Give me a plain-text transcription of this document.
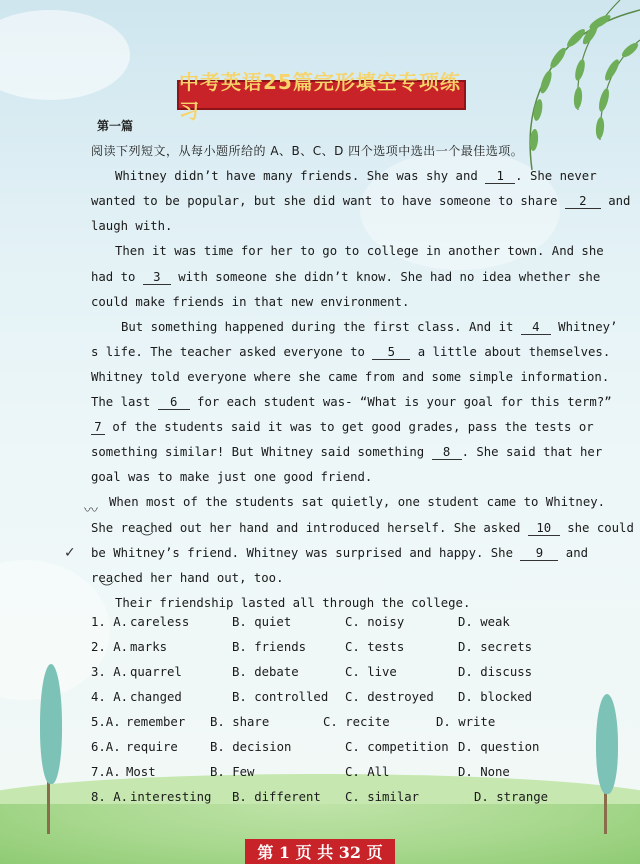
〰
︶
✓
︶
中考英语25篇完形填空专项练习
第一篇
阅读下列短文，从每小题所给的 A、B、C、D 四个选项中选出一个最佳选项。
Whitney didn’t have many friends. She was shy and 1 . She never
wanted to be popular, but she did want to have someone to share 2 and
laugh with.
Then it was time for her to go to college in another town. And she
had to 3 with someone she didn’t know. She had no idea whether she
could make friends in that new environment.
But something happened during the first class. And it 4 Whitney’
s life. The teacher asked everyone to 5 a little about themselves.
Whitney told everyone where she came from and some simple information.
The last 6 for each student was- “What is your goal for this term?”
7 of the students said it was to get good grades, pass the tests or
something similar! But Whitney said something 8 . She said that her
goal was to make just one good friend.
When most of the students sat quietly, one student came to Whitney.
She reached out her hand and introduced herself. She asked 10 she could
be Whitney’s friend. Whitney was surprised and happy. She 9 and
reached her hand out, too.
Their friendship lasted all through the college.
1. A. careless	B. quiet	C. noisy	D. weak
2. A. marks	B. friends	C. tests	D. secrets
3. A. quarrel	B. debate	C. live	D. discuss
4. A. changed	B. controlled C. destroyed D. blocked
5.A. remember B. share	C. recite	D. write
6.A. require	B. decision	C. competition D. question
7.A. Most	B. Few	C. All	D. None
8. A. interesting B. different C. similar	D. strange
第 1 页 共 32 页
